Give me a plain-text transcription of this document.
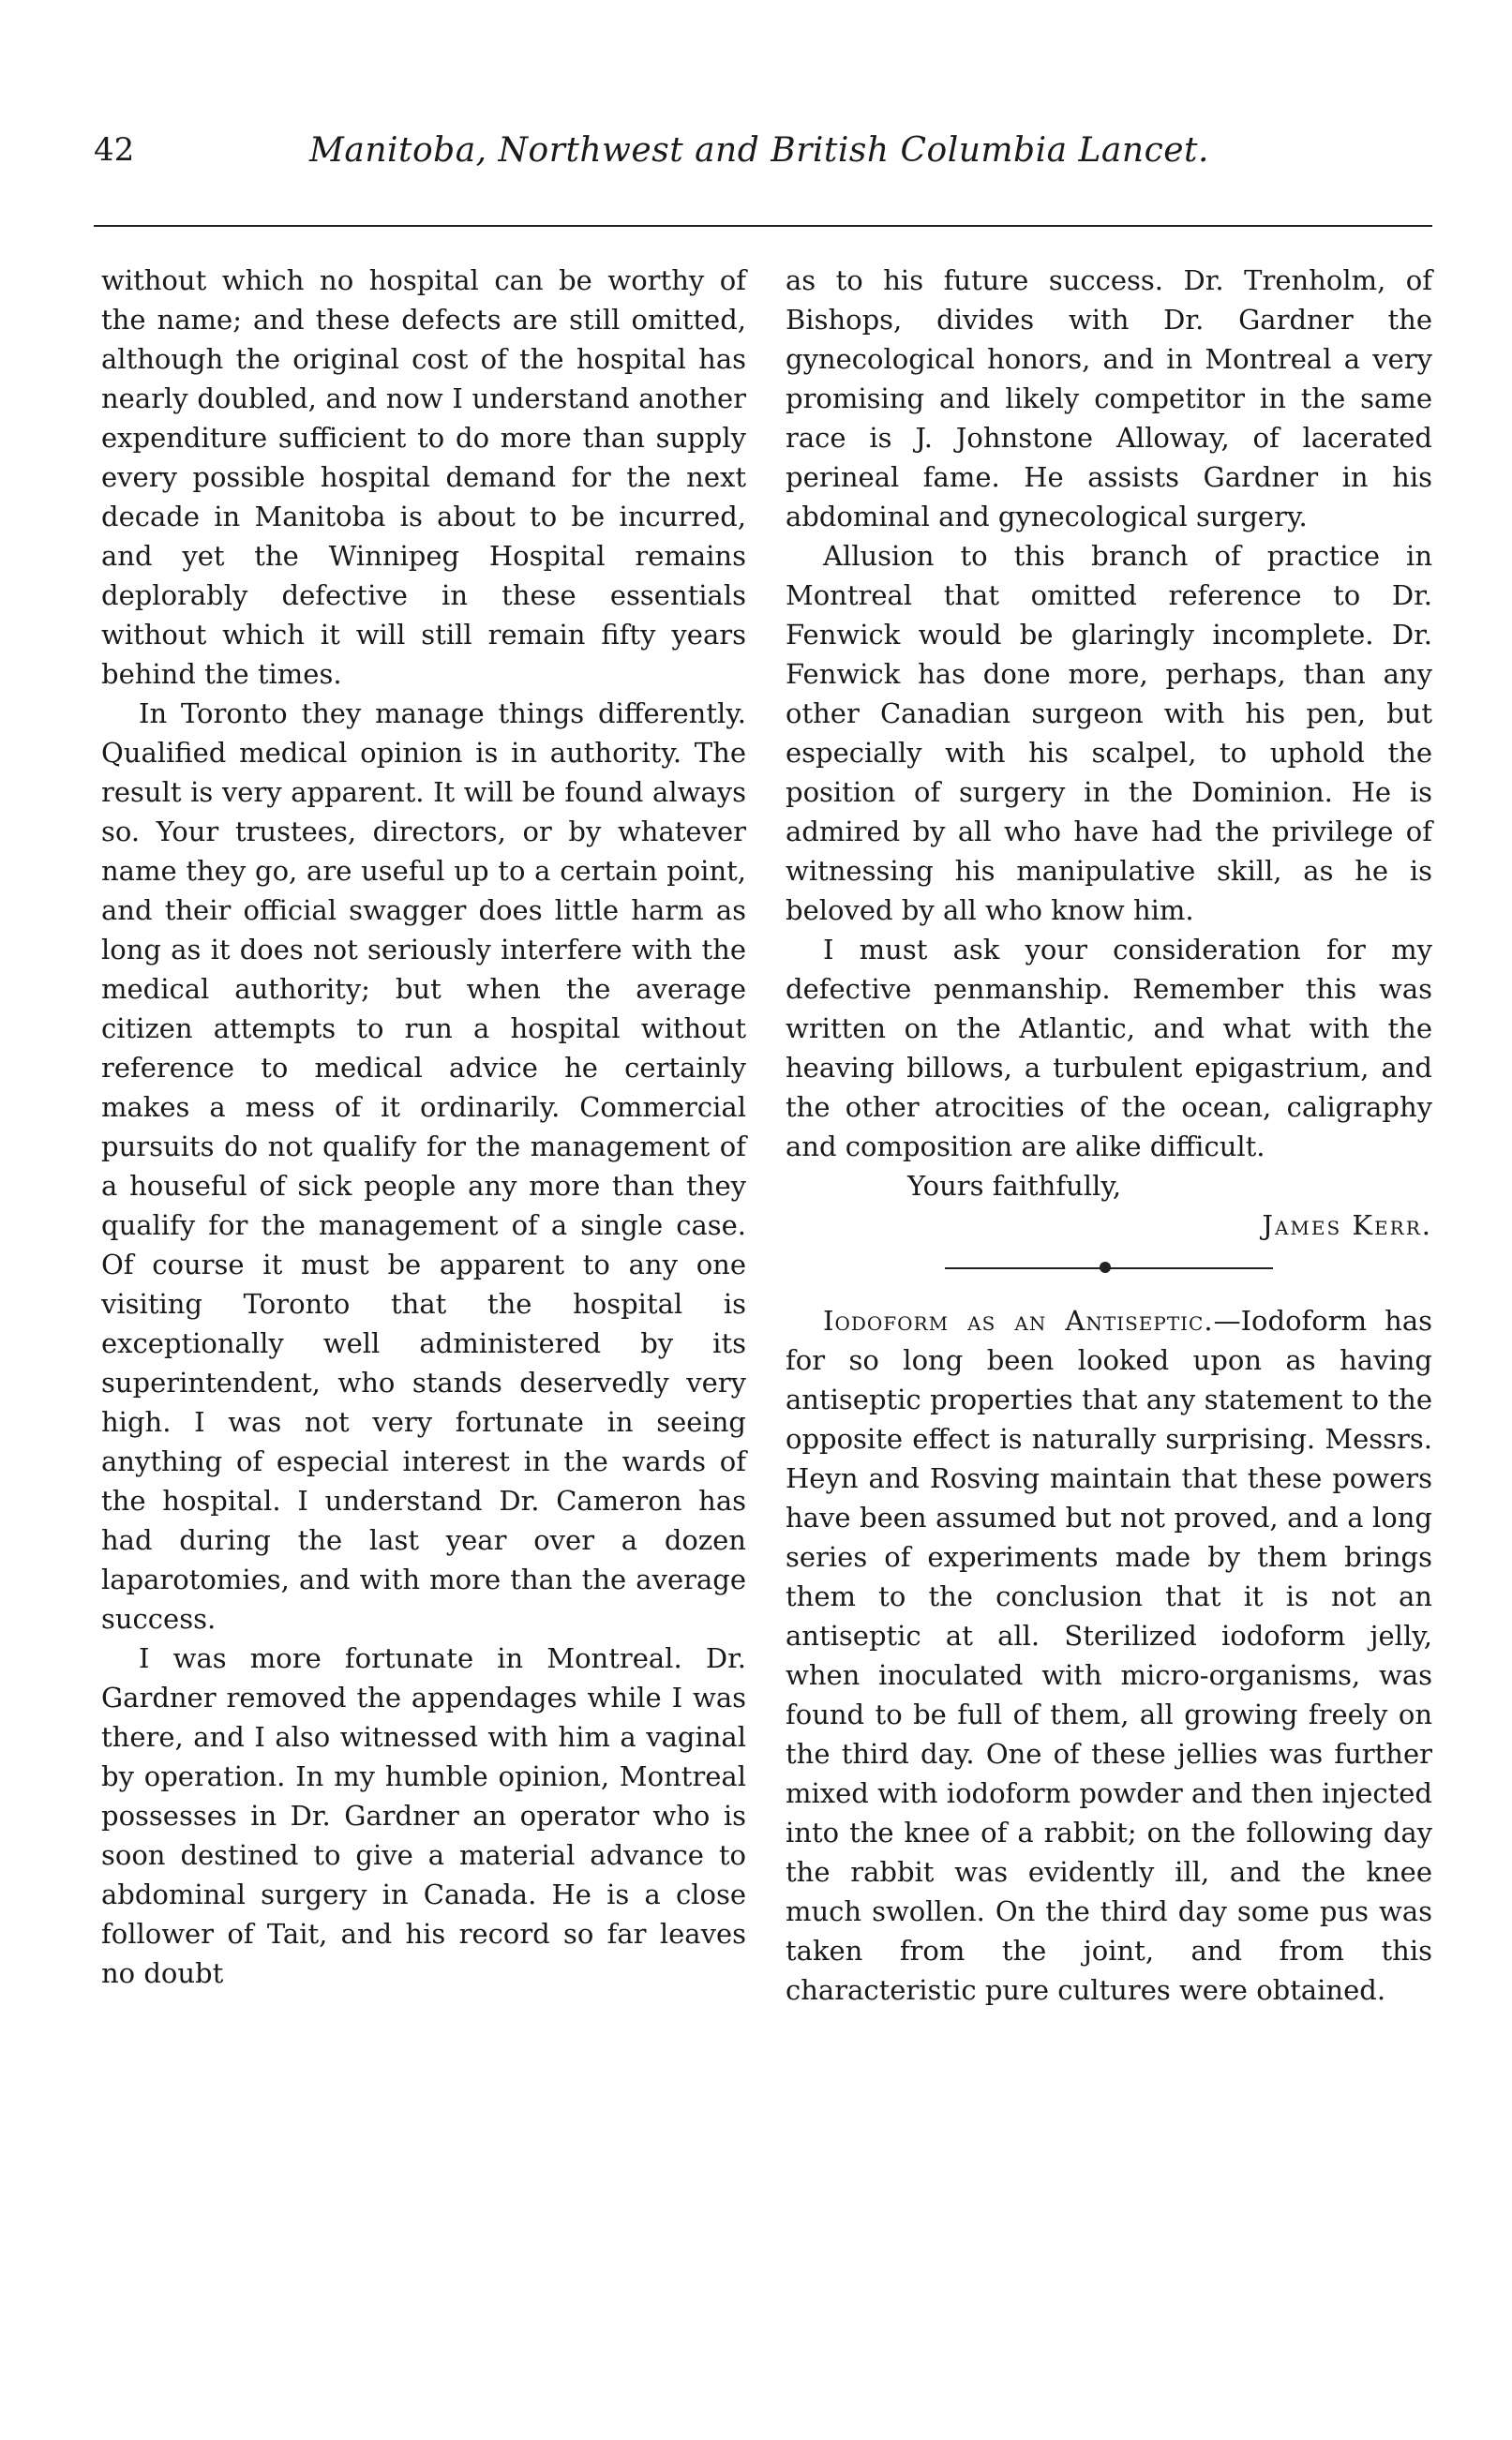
42	Manitoba, Northwest and British Columbia Lancet.

without which no hospital can be worthy of the name; and these defects are still omitted, although the original cost of the hospital has nearly doubled, and now I understand another expenditure sufficient to do more than supply every possible hospital demand for the next decade in Manitoba is about to be incurred, and yet the Winnipeg Hospital remains deplorably defective in these essentials without which it will still remain fifty years behind the times.

In Toronto they manage things differently. Qualified medical opinion is in authority. The result is very apparent. It will be found always so. Your trustees, directors, or by whatever name they go, are useful up to a certain point, and their official swagger does little harm as long as it does not seriously interfere with the medical authority; but when the average citizen attempts to run a hospital without reference to medical advice he certainly makes a mess of it ordinarily. Commercial pursuits do not qualify for the management of a houseful of sick people any more than they qualify for the management of a single case. Of course it must be apparent to any one visiting Toronto that the hospital is exceptionally well administered by its superintendent, who stands deservedly very high. I was not very fortunate in seeing anything of especial interest in the wards of the hospital. I understand Dr. Cameron has had during the last year over a dozen laparotomies, and with more than the average success.

I was more fortunate in Montreal. Dr. Gardner removed the appendages while I was there, and I also witnessed with him a vaginal by operation. In my humble opinion, Montreal possesses in Dr. Gardner an operator who is soon destined to give a material advance to abdominal surgery in Canada. He is a close follower of Tait, and his record so far leaves no doubt

as to his future success. Dr. Trenholm, of Bishops, divides with Dr. Gardner the gynecological honors, and in Montreal a very promising and likely competitor in the same race is J. Johnstone Alloway, of lacerated perineal fame. He assists Gardner in his abdominal and gynecological surgery.

Allusion to this branch of practice in Montreal that omitted reference to Dr. Fenwick would be glaringly incomplete. Dr. Fenwick has done more, perhaps, than any other Canadian surgeon with his pen, but especially with his scalpel, to uphold the position of surgery in the Dominion. He is admired by all who have had the privilege of witnessing his manipulative skill, as he is beloved by all who know him.

I must ask your consideration for my defective penmanship. Remember this was written on the Atlantic, and what with the heaving billows, a turbulent epigastrium, and the other atrocities of the ocean, caligraphy and composition are alike difficult.

Yours faithfully,
James Kerr.

Iodoform as an Antiseptic.—Iodoform has for so long been looked upon as having antiseptic properties that any statement to the opposite effect is naturally surprising. Messrs. Heyn and Rosving maintain that these powers have been assumed but not proved, and a long series of experiments made by them brings them to the conclusion that it is not an antiseptic at all. Sterilized iodoform jelly, when inoculated with micro-organisms, was found to be full of them, all growing freely on the third day. One of these jellies was further mixed with iodoform powder and then injected into the knee of a rabbit; on the following day the rabbit was evidently ill, and the knee much swollen. On the third day some pus was taken from the joint, and from this characteristic pure cultures were obtained.
